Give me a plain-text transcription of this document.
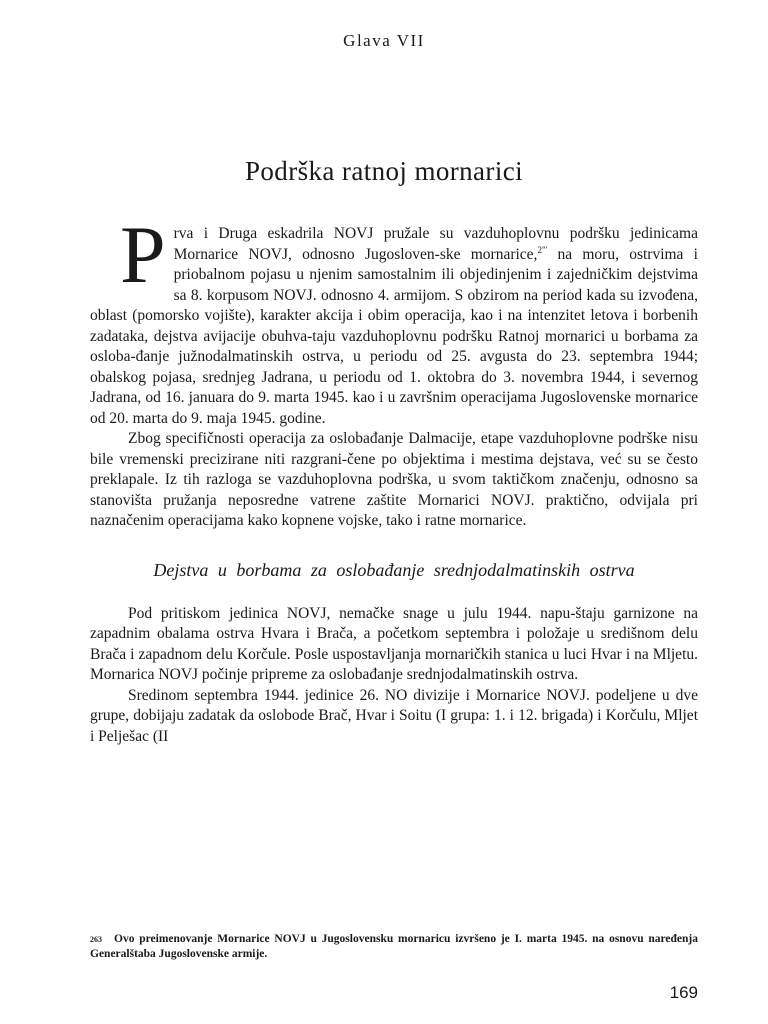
Glava VII
Podrška ratnoj mornarici

Prva i Druga eskadrila NOVJ pružale su vazduhoplovnu podršku jedinicama Mornarice NOVJ, odnosno Jugosloven-ske mornarice,$^{2"'}$ na moru, ostrvima i priobalnom pojasu u njenim samostalnim ili objedinjenim i zajedničkim dejstvima sa 8. korpusom NOVJ. odnosno 4. armijom. S obzirom na period kada su izvođena, oblast (pomorsko vojište), karakter akcija i obim operacija, kao i na intenzitet letova i borbenih zadataka, dejstva avijacije obuhva-taju vazduhoplovnu podršku Ratnoj mornarici u borbama za osloba-đanje južnodalmatinskih ostrva, u periodu od 25. avgusta do 23. septembra 1944; obalskog pojasa, srednjeg Jadrana, u periodu od 1. oktobra do 3. novembra 1944, i severnog Jadrana, od 16. januara do 9. marta 1945. kao i u završnim operacijama Jugoslovenske mornarice od 20. marta do 9. maja 1945. godine.

Zbog specifičnosti operacija za oslobađanje Dalmacije, etape vazduhoplovne podrške nisu bile vremenski precizirane niti razgrani-čene po objektima i mestima dejstava, već su se često preklapale. Iz tih razloga se vazduhoplovna podrška, u svom taktičkom značenju, odnosno sa stanovišta pružanja neposredne vatrene zaštite Mornarici NOVJ. praktično, odvijala pri naznačenim operacijama kako kopnene vojske, tako i ratne mornarice.

Dejstva u borbama za oslobađanje srednjodalmatinskih ostrva

Pod pritiskom jedinica NOVJ, nemačke snage u julu 1944. napu-štaju garnizone na zapadnim obalama ostrva Hvara i Brača, a početkom septembra i položaje u središnom delu Brača i zapadnom delu Korčule. Posle uspostavljanja mornaričkih stanica u luci Hvar i na Mljetu. Mornarica NOVJ počinje pripreme za oslobađanje srednjodalmatinskih ostrva.

Sredinom septembra 1944. jedinice 26. NO divizije i Mornarice NOVJ. podeljene u dve grupe, dobijaju zadatak da oslobode Brač, Hvar i Soitu (I grupa: 1. i 12. brigada) i Korčulu, Mljet i Pelješac (II

263 Ovo preimenovanje Mornarice NOVJ u Jugoslovensku mornaricu izvršeno je I. marta 1945. na osnovu naređenja Generalštaba Jugoslovenske armije.
169
